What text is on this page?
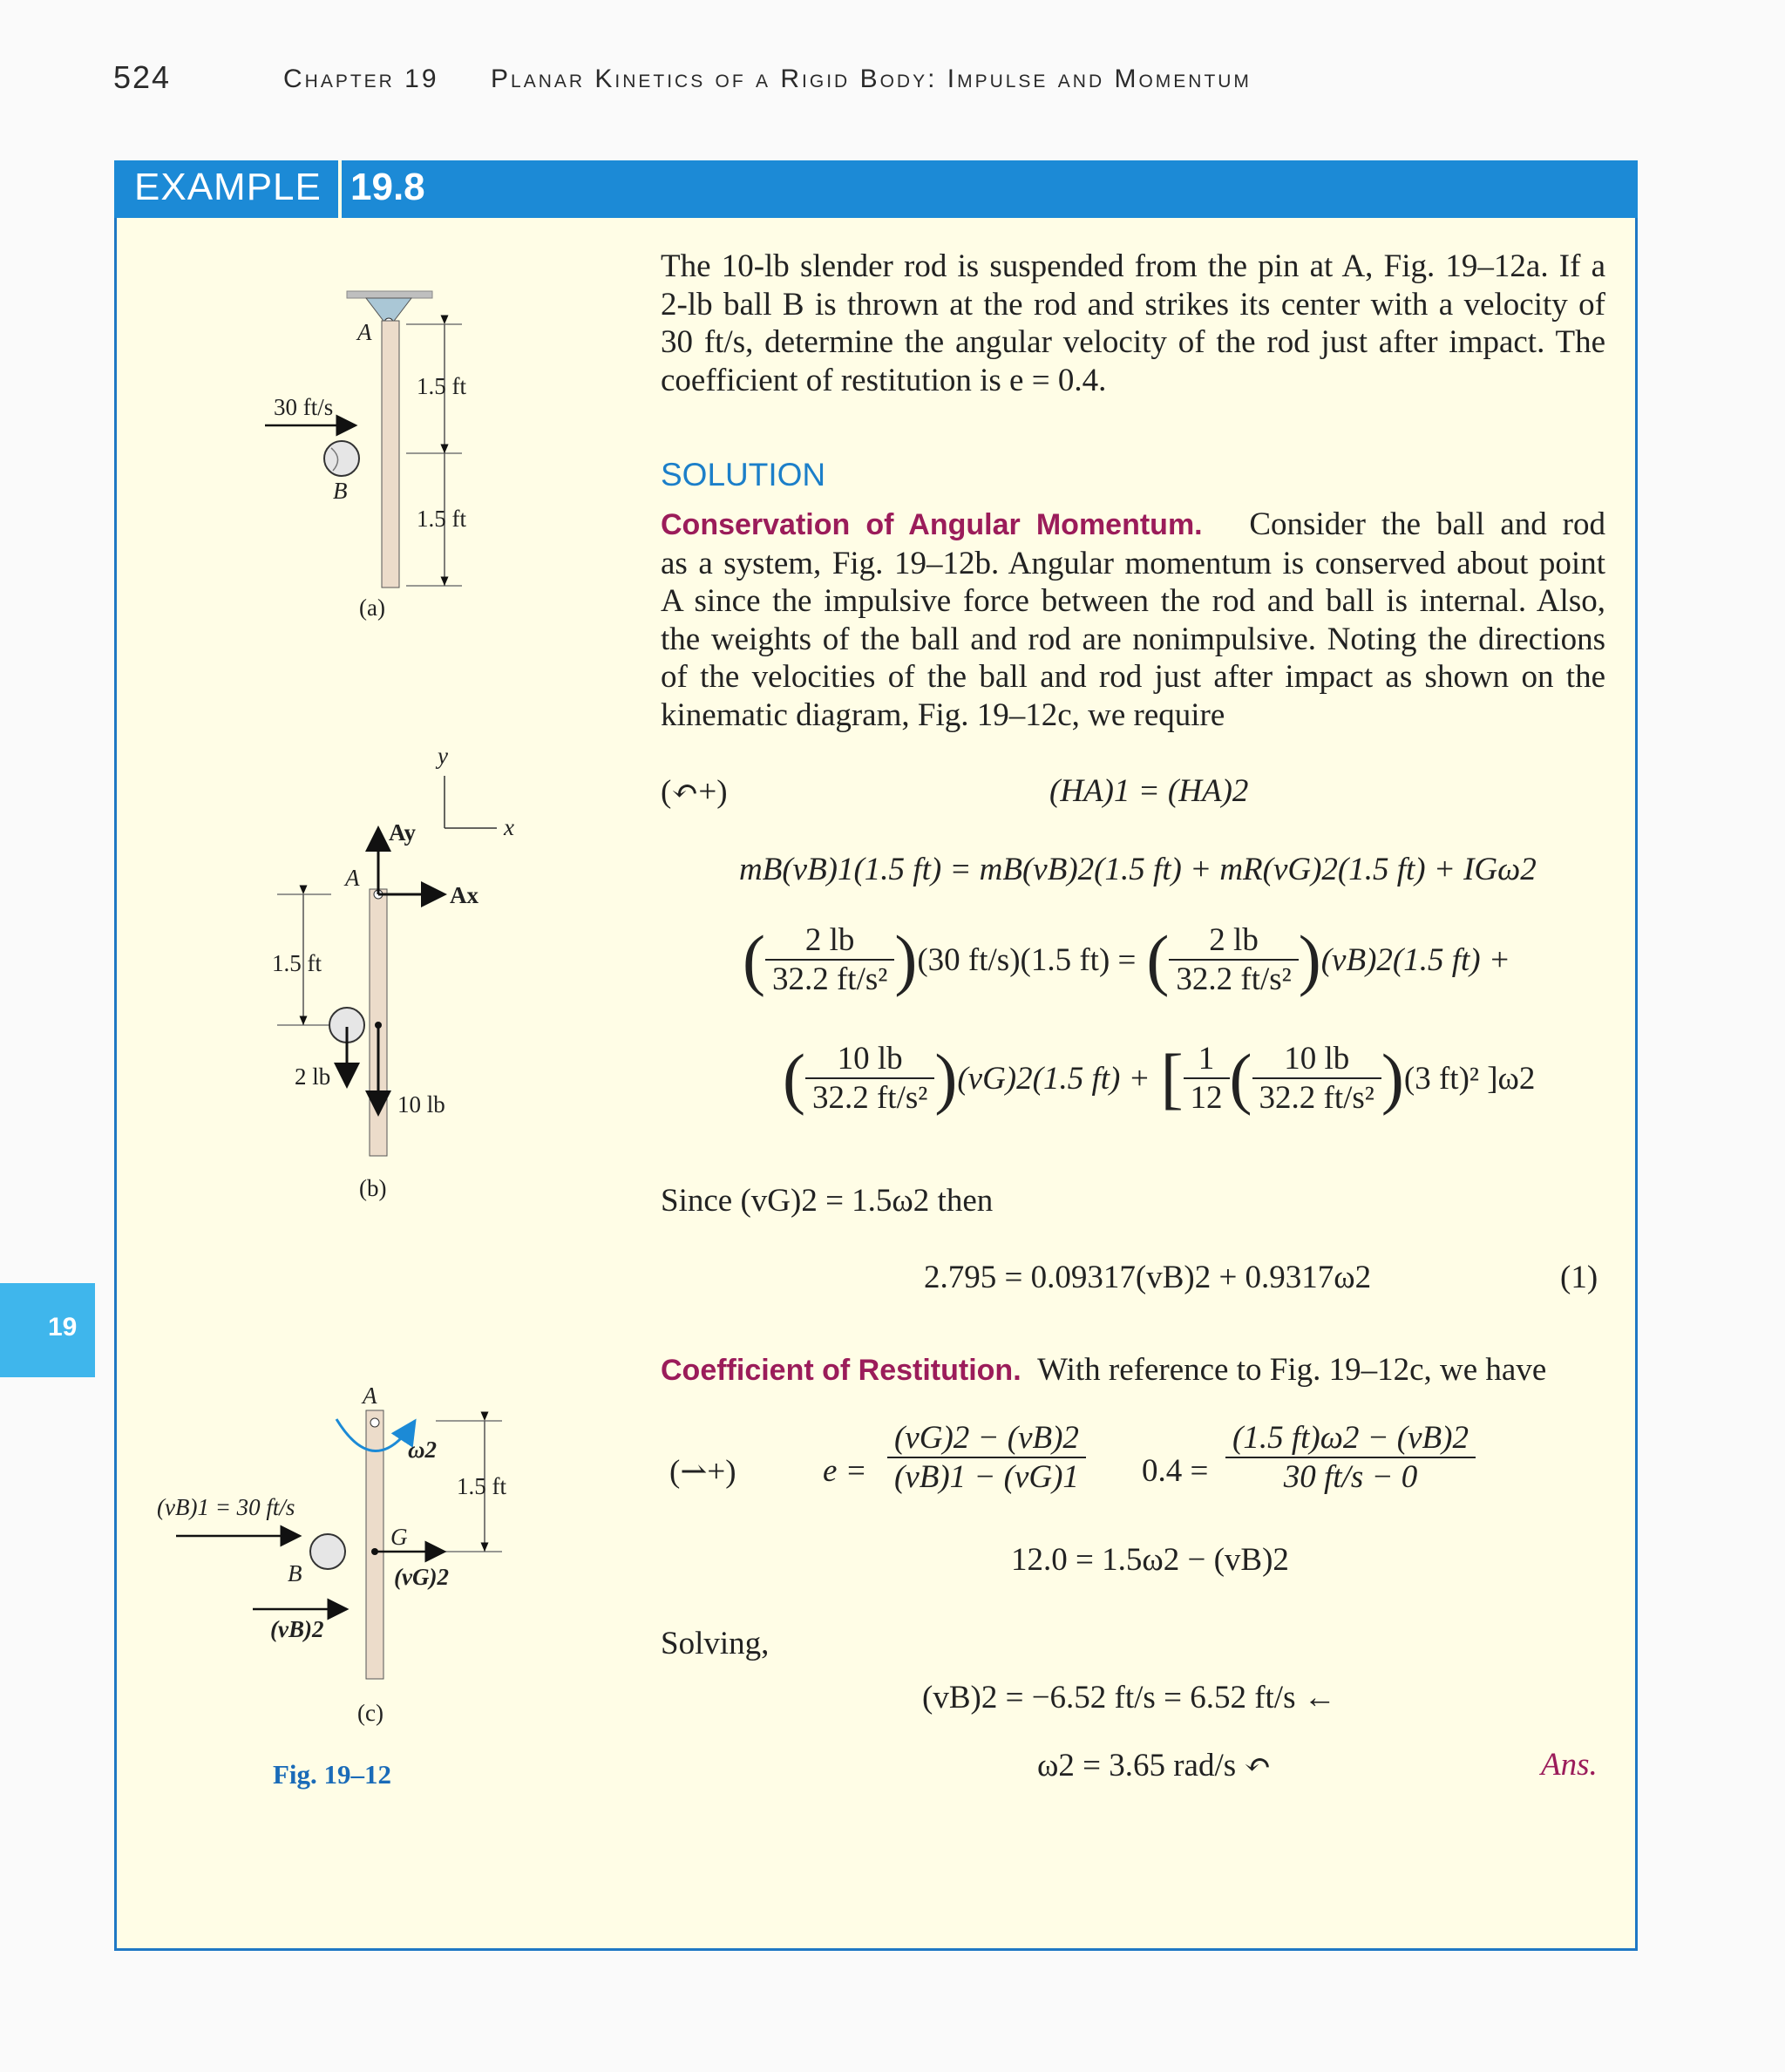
524	Chapter 19 Planar Kinetics of a Rigid Body: Impulse and Momentum
EXAMPLE 19.8
19
The 10-lb slender rod is suspended from the pin at A, Fig. 19–12a. If a
2-lb ball B is thrown at the rod and strikes its center with a velocity of
30 ft/s, determine the angular velocity of the rod just after impact. The
coefficient of restitution is e = 0.4.
SOLUTION
Conservation of Angular Momentum. Consider the ball and rod
as a system, Fig. 19–12b. Angular momentum is conserved about point
A since the impulsive force between the rod and ball is internal. Also,
the weights of the ball and rod are nonimpulsive. Noting the directions
of the velocities of the ball and rod just after impact as shown on the
kinematic diagram, Fig. 19–12c, we require
(↶+)	(HA)1 = (HA)2
mB(vB)1(1.5 ft) = mB(vB)2(1.5 ft) + mR(vG)2(1.5 ft) + IGω2
( $\frac{2 lb}{\text{32.2 ft/s²}}$ ) (30 ft/s)(1.5 ft) = ( $\frac{2 lb}{\text{32.2 ft/s²}}$ ) (vB)2(1.5 ft) +
( $\frac{10 lb}{\text{32.2 ft/s²}}$ ) (vG)2(1.5 ft) + [ $\frac{1}{12}$ ( $\frac{10 lb}{\text{32.2 ft/s²}}$ ) (3 ft)² ]ω2
Since (vG)2 = 1.5ω2 then
2.795 = 0.09317(vB)2 + 0.9317ω2	(1)
Coefficient of Restitution. With reference to Fig. 19–12c, we have
(⇀+)	$e = \frac{(vG)2 - (vB)2}{(vB)1 - (vG)1} 0.4 = \frac{(1.5 ft)\omega 2 - (vB)2}{30 ft/s - 0}$
12.0 = 1.5ω2 − (vB)2
Solving,
(vB)2 = −6.52 ft/s = 6.52 ft/s ←
ω2 = 3.65 rad/s ↶	Ans.
A
1.5 ft
1.5 ft
30 ft/s
B
(a)
y
x
Ay
Ax
A
1.5 ft
2 lb
10 lb
(b)
A
ω2
1.5 ft
(vB)1 = 30 ft/s
B
G
(vG)2
(vB)2
(c)
Fig. 19–12
